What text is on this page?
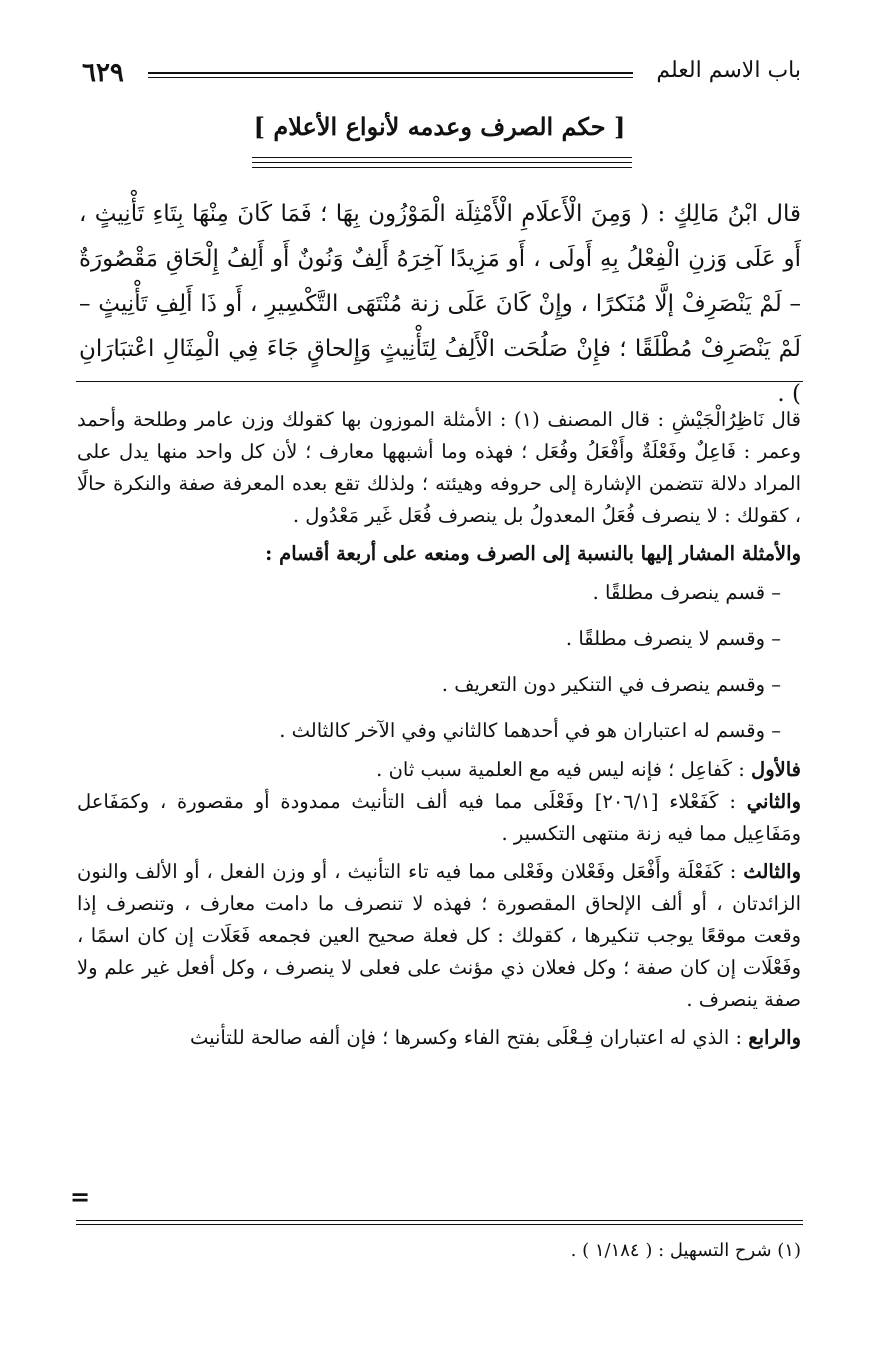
باب الاسم العلم
٦٢٩
[ حكم الصرف وعدمه لأنواع الأعلام ]

قال ابْنُ مَالِكٍ : ( وَمِنَ الْأَعلَامِ الْأَمْثِلَة الْمَوْزُون بِهَا ؛ فَمَا كَانَ مِنْهَا بِتَاءِ تَأْنِيثٍ ، أَو عَلَى وَزنِ الْفِعْلُ بِهِ أَولَى ، أَو مَزِيدًا آخِرَهُ أَلِفٌ وَنُونٌ أَو أَلِفُ إِلْحَاقِ مَقْصُورَةٌ – لَمْ يَنْصَرِفْ إلَّا مُنَكرًا ، وإِنْ كَانَ عَلَى زنة مُنْتَهَى التَّكْسِيرِ ، أَو ذَا أَلِفِ تَأْنِيثٍ – لَمْ يَنْصَرِفْ مُطْلَقًا ؛ فإِنْ صَلُحَت الْأَلِفُ لِتَأْنِيثٍ وَإِلحاقٍ جَاءَ فِي الْمِثَالِ اعْتبَارَانِ ) .

قال نَاظِرُالْجَيْشِ : قال المصنف (١) : الأمثلة الموزون بها كقولك وزن عامر وطلحة وأحمد وعمر : فَاعِلٌ وفَعْلَةٌ وأَفْعَلُ وفُعَل ؛ فهذه وما أشبهها معارف ؛ لأن كل واحد منها يدل على المراد دلالة تتضمن الإشارة إلى حروفه وهيئته ؛ ولذلك تقع بعده المعرفة صفة والنكرة حالًا ، كقولك : لا ينصرف فُعَلُ المعدولُ بل ينصرف فُعَل غَير مَعْدُول .

والأمثلة المشار إليها بالنسبة إلى الصرف ومنعه على أربعة أقسام :

– قسم ينصرف مطلقًا .

– وقسم لا ينصرف مطلقًا .

– وقسم ينصرف في التنكير دون التعريف .

– وقسم له اعتباران هو في أحدهما كالثاني وفي الآخر كالثالث .

فالأول : كَفاعِل ؛ فإنه ليس فيه مع العلمية سبب ثان .

والثاني : كَفَعْلاء [٢٠٦/١] وفَعْلَى مما فيه ألف التأنيث ممدودة أو مقصورة ، وكمَفَاعل ومَفَاعِيل مما فيه زنة منتهى التكسير .

والثالث : كَفَعْلَة وأَفْعَل وفَعْلان وفَعْلى مما فيه تاء التأنيث ، أو وزن الفعل ، أو الألف والنون الزائدتان ، أو ألف الإلحاق المقصورة ؛ فهذه لا تنصرف ما دامت معارف ، وتنصرف إذا وقعت موقعًا يوجب تنكيرها ، كقولك : كل فعلة صحيح العين فجمعه فَعَلَات إن كان اسمًا ، وفَعْلَات إن كان صفة ؛ وكل فعلان ذي مؤنث على فعلى لا ينصرف ، وكل أفعل غير علم ولا صفة ينصرف .

والرابع : الذي له اعتباران فِـعْلَى بفتح الفاء وكسرها ؛ فإن ألفه صالحة للتأنيث

=
(١) شرح التسهيل : ( ١/١٨٤ ) .
